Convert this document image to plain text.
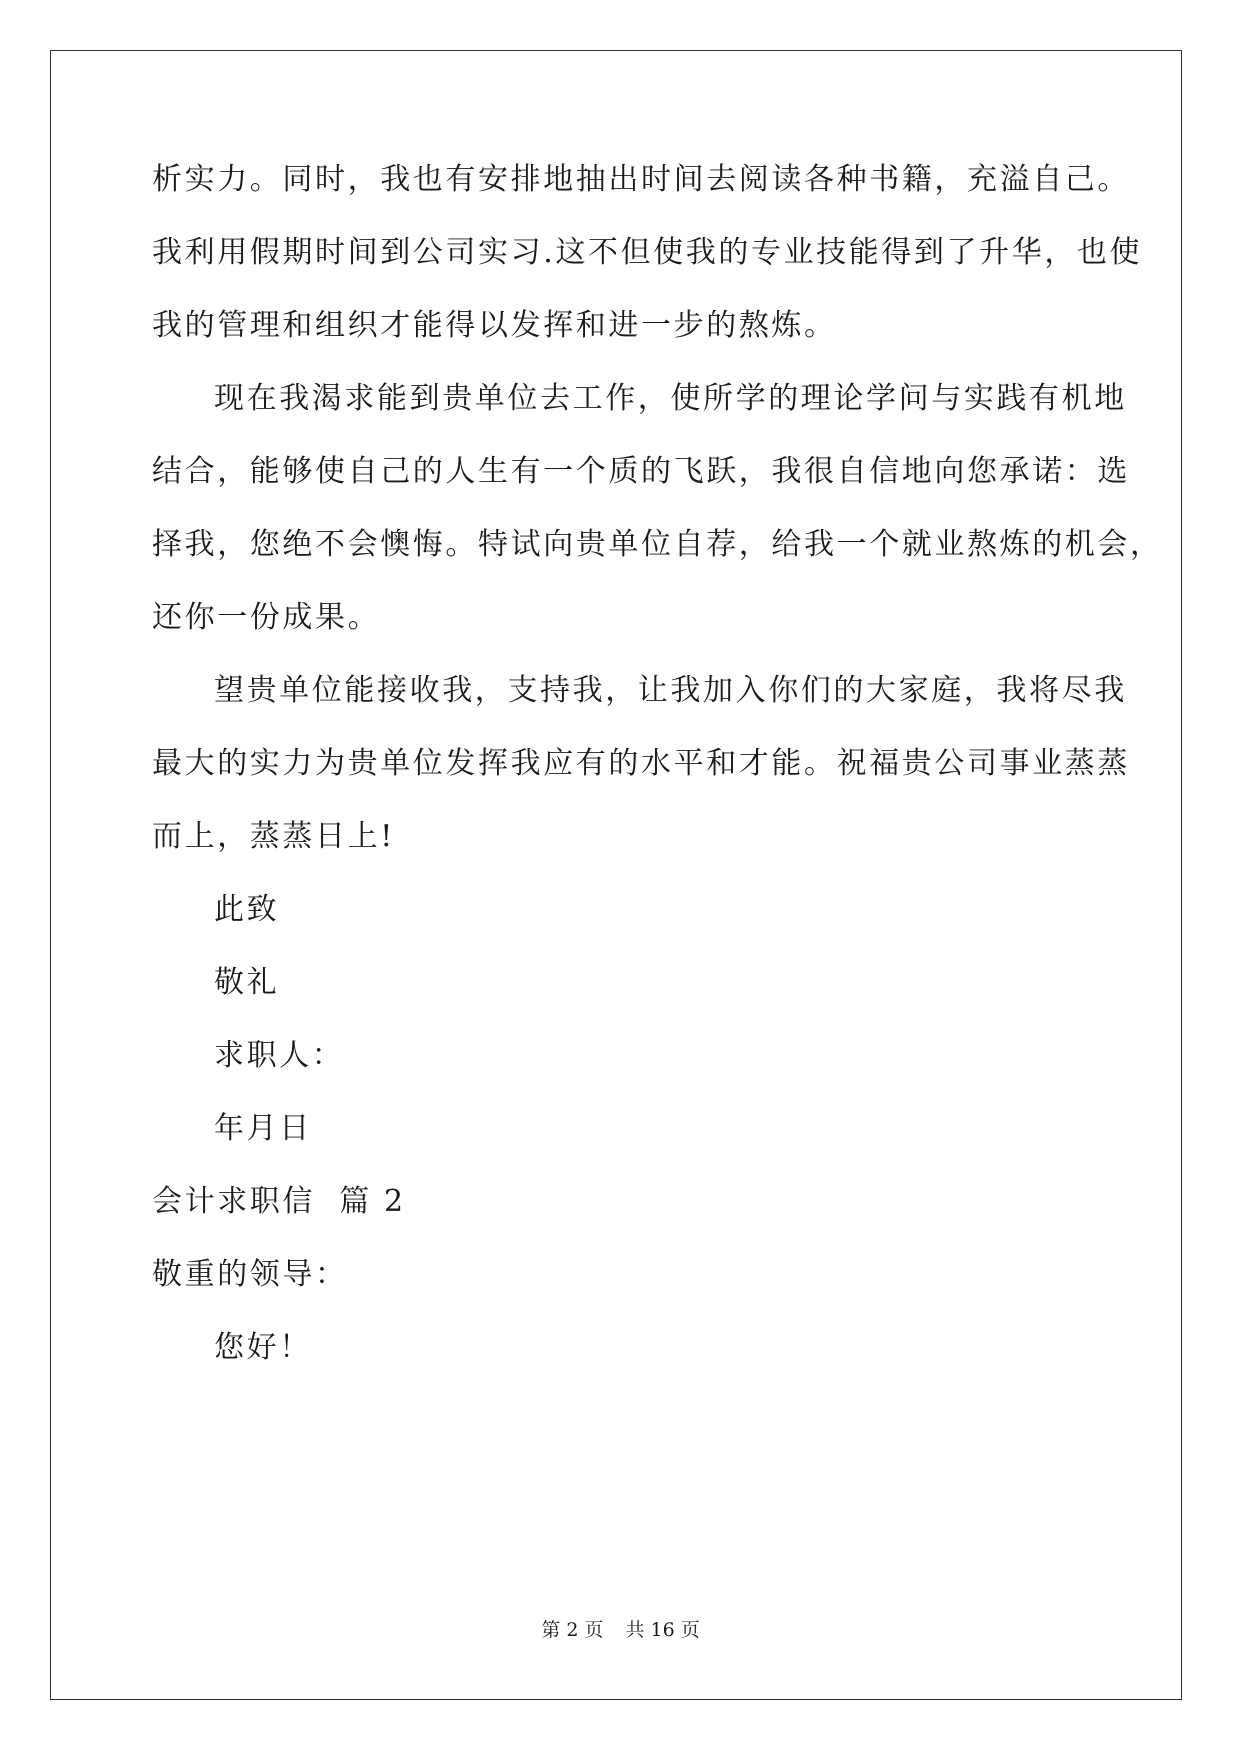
析实力。同时，我也有安排地抽出时间去阅读各种书籍，充溢自己。
我利用假期时间到公司实习.这不但使我的专业技能得到了升华，也使
我的管理和组织才能得以发挥和进一步的熬炼。
现在我渴求能到贵单位去工作，使所学的理论学问与实践有机地
结合，能够使自己的人生有一个质的飞跃，我很自信地向您承诺：选
择我，您绝不会懊悔。特试向贵单位自荐，给我一个就业熬炼的机会，
还你一份成果。
望贵单位能接收我，支持我，让我加入你们的大家庭，我将尽我
最大的实力为贵单位发挥我应有的水平和才能。祝福贵公司事业蒸蒸
而上，蒸蒸日上!
此致
敬礼
求职人：
年月日
会计求职信  篇 2
敬重的领导：
您好！
第 2 页 共 16 页
